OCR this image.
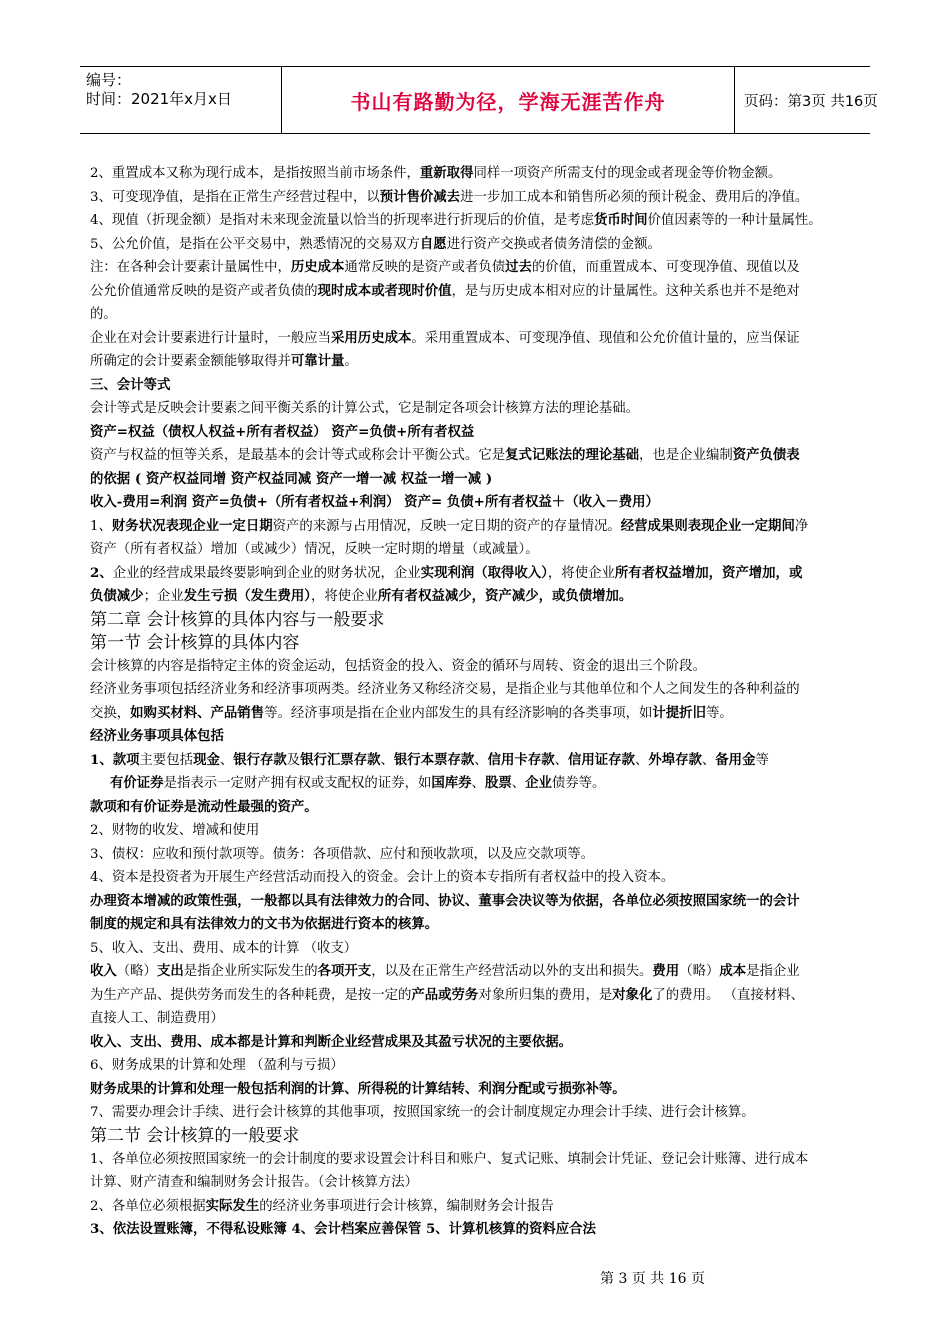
编号：
时间：2021年x月x日	书山有路勤为径，学海无涯苦作舟	页码：第3页 共16页

2、重置成本又称为现行成本，是指按照当前市场条件，重新取得同样一项资产所需支付的现金或者现金等价物金额。

3、可变现净值，是指在正常生产经营过程中，以预计售价减去进一步加工成本和销售所必须的预计税金、费用后的净值。

4、现值（折现金额）是指对未来现金流量以恰当的折现率进行折现后的价值，是考虑货币时间价值因素等的一种计量属性。

5、公允价值，是指在公平交易中，熟悉情况的交易双方自愿进行资产交换或者债务清偿的金额。

注：在各种会计要素计量属性中，历史成本通常反映的是资产或者负债过去的价值，而重置成本、可变现净值、现值以及

公允价值通常反映的是资产或者负债的现时成本或者现时价值，是与历史成本相对应的计量属性。这种关系也并不是绝对

的。

企业在对会计要素进行计量时，一般应当采用历史成本。采用重置成本、可变现净值、现值和公允价值计量的，应当保证

所确定的会计要素金额能够取得并可靠计量。

三、会计等式

会计等式是反映会计要素之间平衡关系的计算公式，它是制定各项会计核算方法的理论基础。

资产=权益（债权人权益+所有者权益） 资产=负债+所有者权益

资产与权益的恒等关系，是最基本的会计等式或称会计平衡公式。它是复式记账法的理论基础，也是企业编制资产负债表

的依据 ( 资产权益同增 资产权益同减 资产一增一减 权益一增一减 )

收入-费用=利润 资产=负债+（所有者权益+利润） 资产= 负债+所有者权益＋（收入－费用）

1、财务状况表现企业一定日期资产的来源与占用情况，反映一定日期的资产的存量情况。经营成果则表现企业一定期间净

资产（所有者权益）增加（或减少）情况，反映一定时期的增量（或减量）。

2、企业的经营成果最终要影响到企业的财务状况，企业实现利润（取得收入），将使企业所有者权益增加，资产增加，或

负债减少；企业发生亏损（发生费用），将使企业所有者权益减少，资产减少，或负债增加。

第二章 会计核算的具体内容与一般要求

第一节 会计核算的具体内容

会计核算的内容是指特定主体的资金运动，包括资金的投入、资金的循环与周转、资金的退出三个阶段。

经济业务事项包括经济业务和经济事项两类。经济业务又称经济交易，是指企业与其他单位和个人之间发生的各种利益的

交换，如购买材料、产品销售等。经济事项是指在企业内部发生的具有经济影响的各类事项，如计提折旧等。

经济业务事项具体包括

1、款项主要包括现金、银行存款及银行汇票存款、银行本票存款、信用卡存款、信用证存款、外埠存款、备用金等

有价证券是指表示一定财产拥有权或支配权的证券，如国库券、股票、企业债券等。

款项和有价证券是流动性最强的资产。

2、财物的收发、增减和使用

3、债权：应收和预付款项等。债务：各项借款、应付和预收款项，以及应交款项等。

4、资本是投资者为开展生产经营活动而投入的资金。会计上的资本专指所有者权益中的投入资本。

办理资本增减的政策性强，一般都以具有法律效力的合同、协议、董事会决议等为依据，各单位必须按照国家统一的会计

制度的规定和具有法律效力的文书为依据进行资本的核算。

5、收入、支出、费用、成本的计算 （收支）

收入（略）支出是指企业所实际发生的各项开支，以及在正常生产经营活动以外的支出和损失。费用（略）成本是指企业

为生产产品、提供劳务而发生的各种耗费，是按一定的产品或劳务对象所归集的费用，是对象化了的费用。 （直接材料、

直接人工、制造费用）

收入、支出、费用、成本都是计算和判断企业经营成果及其盈亏状况的主要依据。

6、财务成果的计算和处理 （盈利与亏损）

财务成果的计算和处理一般包括利润的计算、所得税的计算结转、利润分配或亏损弥补等。

7、需要办理会计手续、进行会计核算的其他事项，按照国家统一的会计制度规定办理会计手续、进行会计核算。

第二节 会计核算的一般要求

1、各单位必须按照国家统一的会计制度的要求设置会计科目和账户、复式记账、填制会计凭证、登记会计账簿、进行成本

计算、财产清查和编制财务会计报告。（会计核算方法）

2、各单位必须根据实际发生的经济业务事项进行会计核算，编制财务会计报告

3、依法设置账簿，不得私设账簿 4、会计档案应善保管 5、计算机核算的资料应合法

第 3 页 共 16 页
